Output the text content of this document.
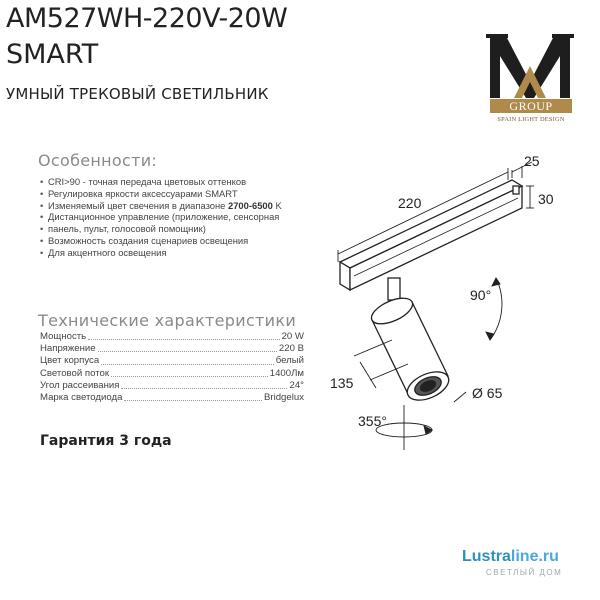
AM527WH-220V-20W
SMART
УМНЫЙ ТРЕКОВЫЙ СВЕТИЛЬНИК
GROUP
SPAIN LIGHT DESIGN
Особенности:
• CRI>90 - точная передача цветовых оттенков
• Регулировка яркости аксессуарами SMART
• Изменяемый цвет свечения в диапазоне 2700-6500 K
• Дистанционное управление (приложение, сенсорная
• панель, пульт, голосовой помощник)
• Возможность создания сценариев освещения
• Для акцентного освещения
Технические характеристики
Мощность	20 W
Напряжение	220 В
Цвет корпуса	белый
Световой поток	1400Лм
Угол рассеивания	24°
Марка светодиода	Bridgelux
Гарантия 3 года
220
25
30
90°
135
Ø 65
355°
Lustraline.ru
СВЕТЛЫЙ ДОМ
